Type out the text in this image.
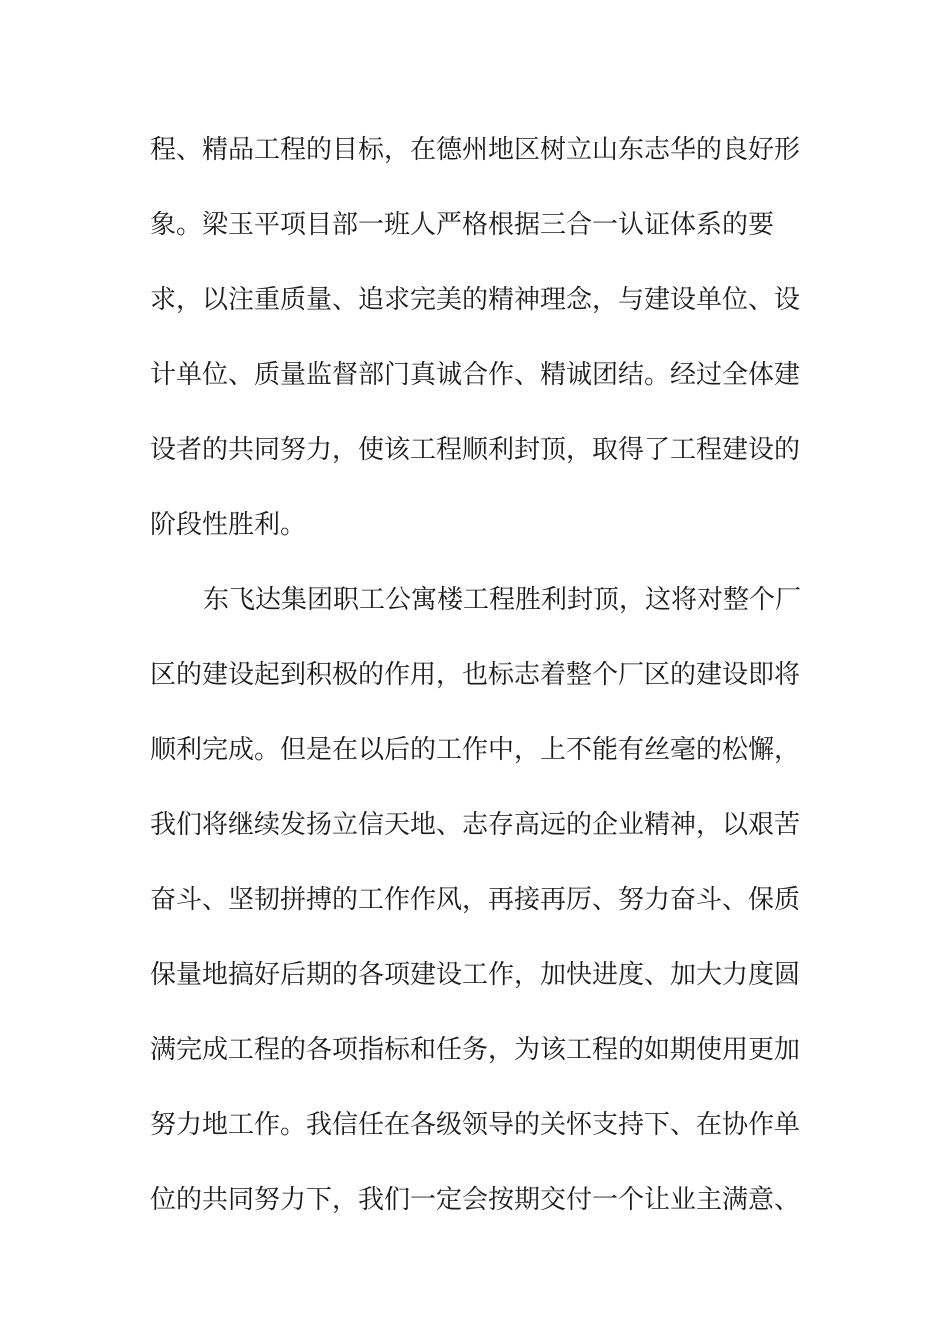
程、精品工程的目标，在德州地区树立山东志华的良好形
象。梁玉平项目部一班人严格根据三合一认证体系的要
求，以注重质量、追求完美的精神理念，与建设单位、设
计单位、质量监督部门真诚合作、精诚团结。经过全体建
设者的共同努力，使该工程顺利封顶，取得了工程建设的
阶段性胜利。
东飞达集团职工公寓楼工程胜利封顶，这将对整个厂
区的建设起到积极的作用，也标志着整个厂区的建设即将
顺利完成。但是在以后的工作中，上不能有丝毫的松懈，
我们将继续发扬立信天地、志存高远的企业精神，以艰苦
奋斗、坚韧拼搏的工作作风，再接再厉、努力奋斗、保质
保量地搞好后期的各项建设工作，加快进度、加大力度圆
满完成工程的各项指标和任务，为该工程的如期使用更加
努力地工作。我信任在各级领导的关怀支持下、在协作单
位的共同努力下，我们一定会按期交付一个让业主满意、
